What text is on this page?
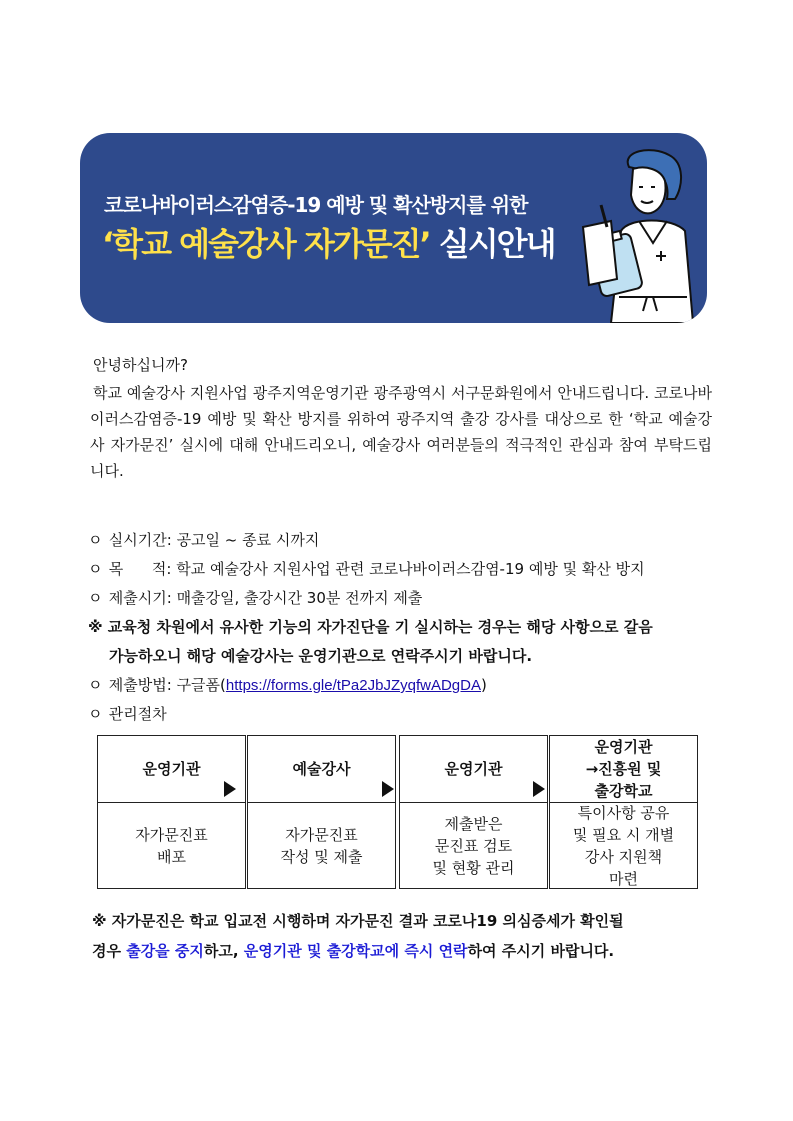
코로나바이러스감염증-19 예방 및 확산방지를 위한
‘학교 예술강사 자가문진’ 실시안내
안녕하십니까?

학교 예술강사 지원사업 광주지역운영기관 광주광역시 서구문화원에서 안내드립니다. 코로나바이러스감염증-19 예방 및 확산 방지를 위하여 광주지역 출강 강사를 대상으로 한 ‘학교 예술강사 자가문진’ 실시에 대해 안내드리오니, 예술강사 여러분들의 적극적인 관심과 참여 부탁드립니다.

ㅇ 실시기간: 공고일 ~ 종료 시까지
ㅇ 목      적: 학교 예술강사 지원사업 관련 코로나바이러스감염-19 예방 및 확산 방지
ㅇ 제출시기: 매출강일, 출강시간 30분 전까지 제출
※ 교육청 차원에서 유사한 기능의 자가진단을 기 실시하는 경우는 해당 사항으로 갈음
가능하오니 해당 예술강사는 운영기관으로 연락주시기 바랍니다.
ㅇ 제출방법: 구글폼(https://forms.gle/tPa2JbJZyqfwADgDA)
ㅇ 관리절차
운영기관
자가문진표
배포
예술강사
자가문진표
작성 및 제출
운영기관
제출받은
문진표 검토
및 현황 관리
운영기관
→진흥원 및
출강학교
특이사항 공유
및 필요 시 개별
강사 지원책
마련
※ 자가문진은 학교 입교전 시행하며 자가문진 결과 코로나19 의심증세가 확인될
경우 출강을 중지하고, 운영기관 및 출강학교에 즉시 연락하여 주시기 바랍니다.
